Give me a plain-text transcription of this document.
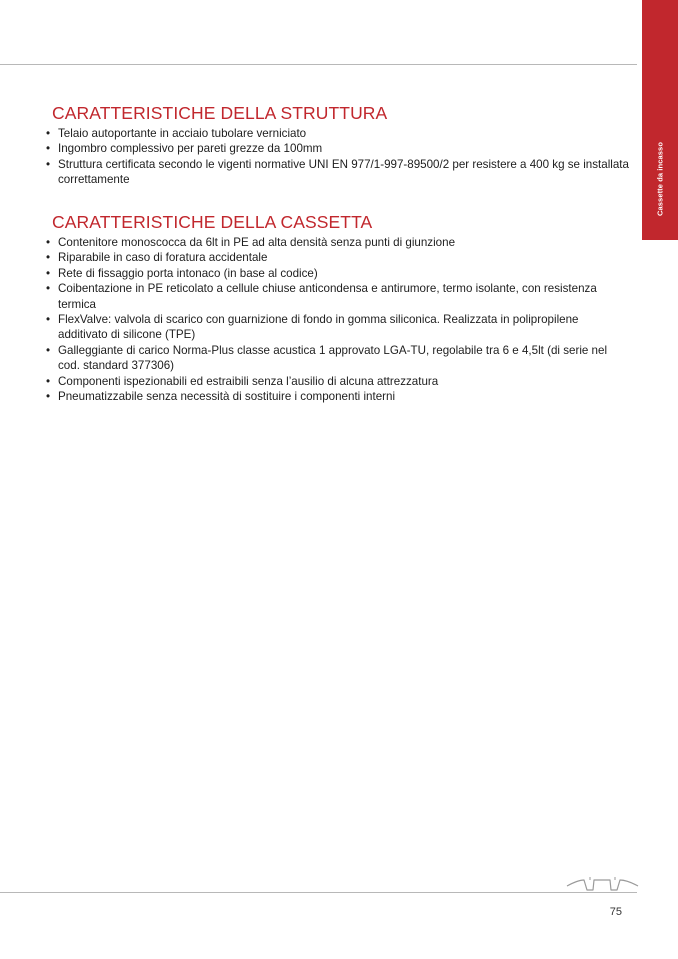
Cassette da incasso
CARATTERISTICHE DELLA STRUTTURA
• Telaio autoportante in acciaio tubolare verniciato
• Ingombro complessivo per pareti grezze da 100mm
• Struttura certificata secondo le vigenti normative UNI EN 977/1-997-89500/2 per resistere a 400 kg se installata correttamente
CARATTERISTICHE DELLA CASSETTA
• Contenitore monoscocca da 6lt in PE ad alta densità senza punti di giunzione
• Riparabile in caso di foratura accidentale
• Rete di fissaggio porta intonaco (in base al codice)
• Coibentazione in PE reticolato a cellule chiuse anticondensa e antirumore, termo isolante, con resistenza termica
• FlexValve: valvola di scarico con guarnizione di fondo in gomma siliconica. Realizzata in polipropilene additivato di silicone (TPE)
• Galleggiante di carico Norma-Plus classe acustica 1 approvato LGA-TU, regolabile tra 6 e 4,5lt (di serie nel cod. standard 377306)
• Componenti ispezionabili ed estraibili senza l’ausilio di alcuna attrezzatura
• Pneumatizzabile senza necessità di sostituire i componenti interni
75
